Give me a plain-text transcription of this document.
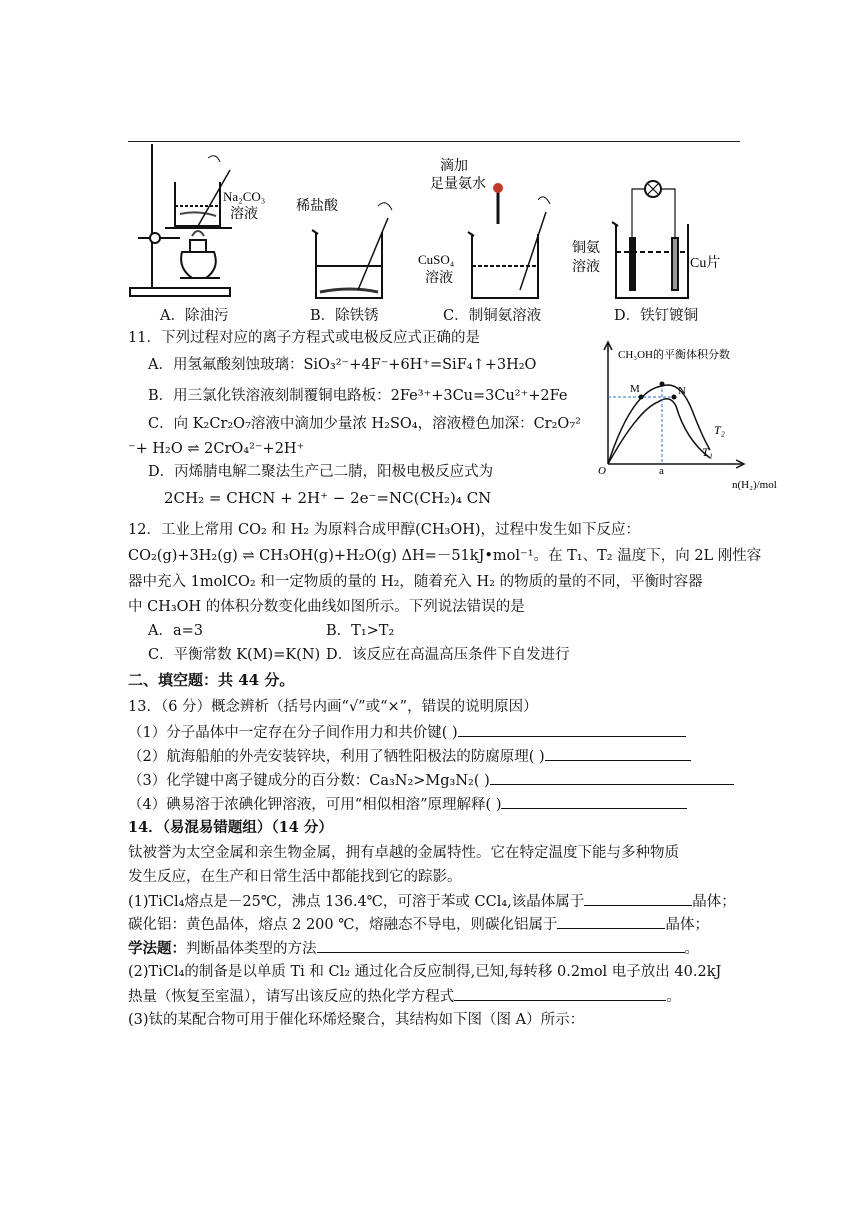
Na₂CO₃
溶液
稀盐酸
滴加
足量氨水
CuSO₄
溶液
铜氨
溶液	Cu片
A．除油污	B．除铁锈	C．制铜氨溶液	D．铁钉镀铜
11．下列过程对应的离子方程式或电极反应式正确的是
A．用氢氟酸刻蚀玻璃：SiO₃²⁻+4F⁻+6H⁺=SiF₄↑+3H₂O
B．用三氯化铁溶液刻制覆铜电路板：2Fe³⁺+3Cu=3Cu²⁺+2Fe
C．向 K₂Cr₂O₇溶液中滴加少量浓 H₂SO₄，溶液橙色加深：Cr₂O₇²
⁻+ H₂O ⇌ 2CrO₄²⁻+2H⁺
D．丙烯腈电解二聚法生产己二腈，阳极电极反应式为
2CH₂ = CHCN + 2H⁺ − 2e⁻=NC(CH₂)₄ CN
CH₃OH的平衡体积分数
M	N
T₂
T₁
O	a
n(H₂)/mol
12．工业上常用 CO₂ 和 H₂ 为原料合成甲醇(CH₃OH)，过程中发生如下反应：
CO₂(g)+3H₂(g) ⇌ CH₃OH(g)+H₂O(g) ΔH=－51kJ•mol⁻¹。在 T₁、T₂ 温度下，向 2L 刚性容
器中充入 1molCO₂ 和一定物质的量的 H₂，随着充入 H₂ 的物质的量的不同，平衡时容器
中 CH₃OH 的体积分数变化曲线如图所示。下列说法错误的是
A．a=3	B．T₁>T₂
C．平衡常数 K(M)=K(N) D．该反应在高温高压条件下自发进行
二、填空题：共 44 分。
13．（6 分）概念辨析（括号内画“√”或“×”，错误的说明原因）
（1）分子晶体中一定存在分子间作用力和共价键( )
（2）航海船舶的外壳安装锌块，利用了牺牲阳极法的防腐原理( )
（3）化学键中离子键成分的百分数：Ca₃N₂>Mg₃N₂( )
（4）碘易溶于浓碘化钾溶液，可用“相似相溶”原理解释( )
14．（易混易错题组）（14 分）
钛被誉为太空金属和亲生物金属，拥有卓越的金属特性。它在特定温度下能与多种物质
发生反应，在生产和日常生活中都能找到它的踪影。
(1)TiCl₄熔点是－25℃，沸点 136.4℃，可溶于苯或 CCl₄,该晶体属于	晶体；
碳化铝：黄色晶体，熔点 2 200 ℃，熔融态不导电，则碳化铝属于	晶体；
学法题：判断晶体类型的方法	。
(2)TiCl₄的制备是以单质 Ti 和 Cl₂ 通过化合反应制得,已知,每转移 0.2mol 电子放出 40.2kJ
热量（恢复至室温），请写出该反应的热化学方程式	。
(3)钛的某配合物可用于催化环烯烃聚合，其结构如下图（图 A）所示：
